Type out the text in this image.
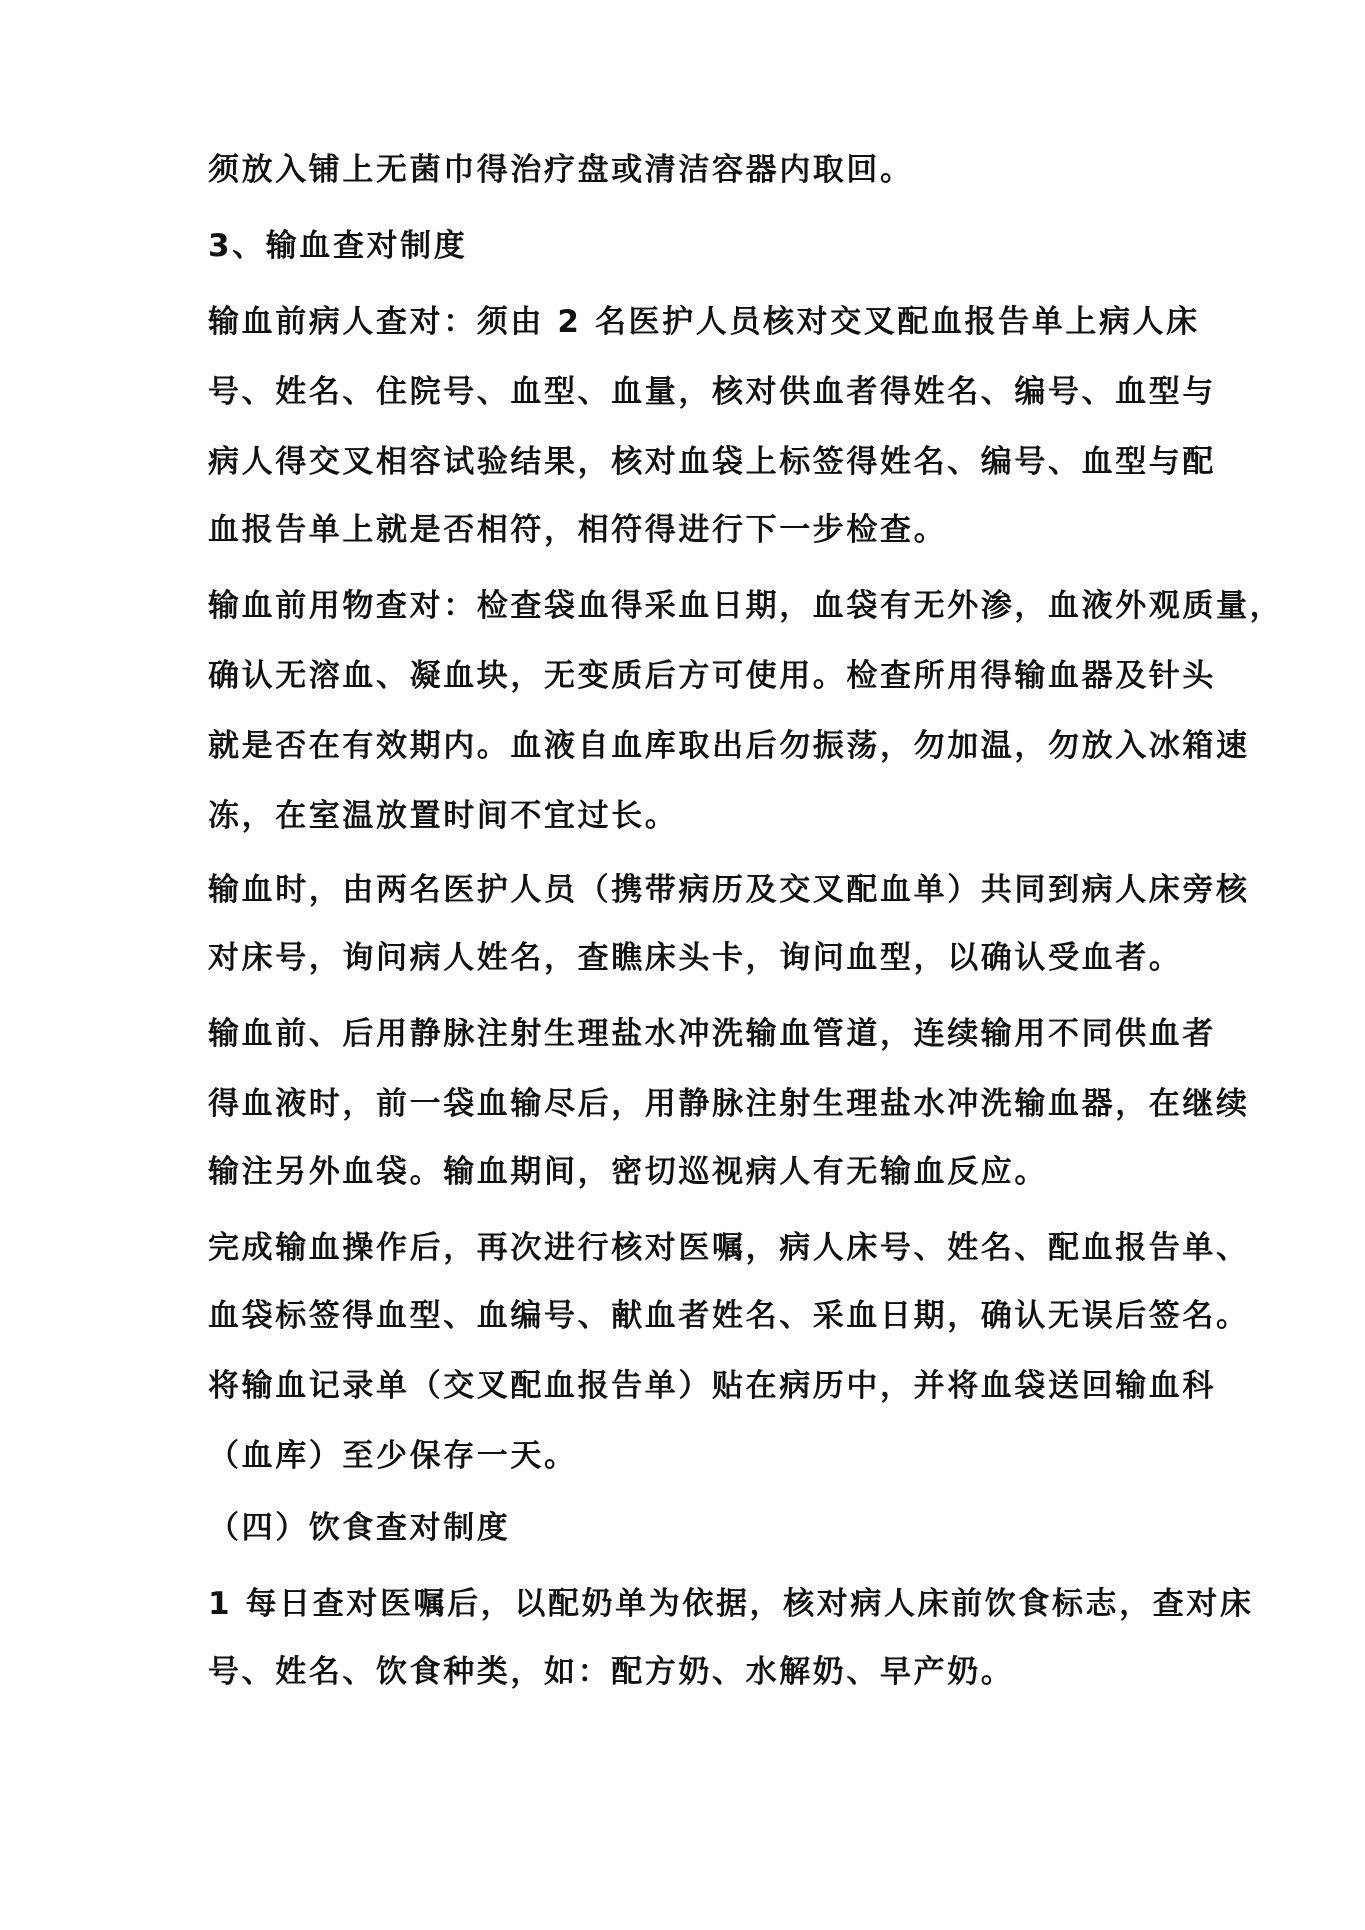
须放入铺上无菌巾得治疗盘或清洁容器内取回。
3、输血查对制度
输血前病人查对：须由 2 名医护人员核对交叉配血报告单上病人床
号、姓名、住院号、血型、血量，核对供血者得姓名、编号、血型与
病人得交叉相容试验结果，核对血袋上标签得姓名、编号、血型与配
血报告单上就是否相符，相符得进行下一步检查。
输血前用物查对：检查袋血得采血日期，血袋有无外渗，血液外观质量，
确认无溶血、凝血块，无变质后方可使用。检查所用得输血器及针头
就是否在有效期内。血液自血库取出后勿振荡，勿加温，勿放入冰箱速
冻，在室温放置时间不宜过长。
输血时，由两名医护人员（携带病历及交叉配血单）共同到病人床旁核
对床号，询问病人姓名，查瞧床头卡，询问血型，以确认受血者。
输血前、后用静脉注射生理盐水冲洗输血管道，连续输用不同供血者
得血液时，前一袋血输尽后，用静脉注射生理盐水冲洗输血器，在继续
输注另外血袋。输血期间，密切巡视病人有无输血反应。
完成输血操作后，再次进行核对医嘱，病人床号、姓名、配血报告单、
血袋标签得血型、血编号、献血者姓名、采血日期，确认无误后签名。
将输血记录单（交叉配血报告单）贴在病历中，并将血袋送回输血科
（血库）至少保存一天。
（四）饮食查对制度
1 每日查对医嘱后，以配奶单为依据，核对病人床前饮食标志，查对床
号、姓名、饮食种类，如：配方奶、水解奶、早产奶。
